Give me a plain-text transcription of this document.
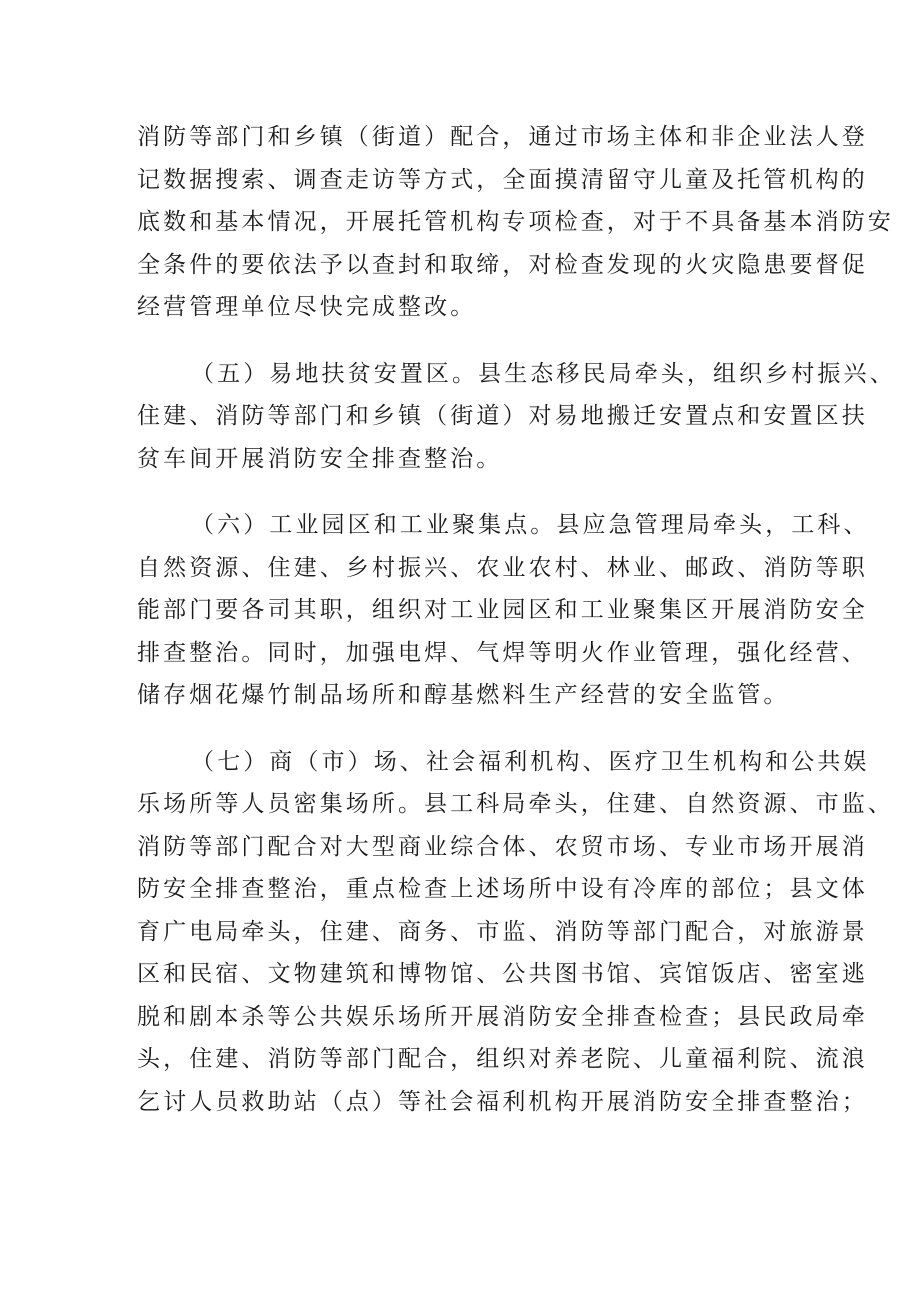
消防等部门和乡镇（街道）配合，通过市场主体和非企业法人登
记数据搜索、调查走访等方式，全面摸清留守儿童及托管机构的
底数和基本情况，开展托管机构专项检查，对于不具备基本消防安
全条件的要依法予以查封和取缔，对检查发现的火灾隐患要督促
经营管理单位尽快完成整改。
（五）易地扶贫安置区。县生态移民局牵头，组织乡村振兴、
住建、消防等部门和乡镇（街道）对易地搬迁安置点和安置区扶
贫车间开展消防安全排查整治。
（六）工业园区和工业聚集点。县应急管理局牵头，工科、
自然资源、住建、乡村振兴、农业农村、林业、邮政、消防等职
能部门要各司其职，组织对工业园区和工业聚集区开展消防安全
排查整治。同时，加强电焊、气焊等明火作业管理，强化经营、
储存烟花爆竹制品场所和醇基燃料生产经营的安全监管。
（七）商（市）场、社会福利机构、医疗卫生机构和公共娱
乐场所等人员密集场所。县工科局牵头，住建、自然资源、市监、
消防等部门配合对大型商业综合体、农贸市场、专业市场开展消
防安全排查整治，重点检查上述场所中设有冷库的部位；县文体
育广电局牵头，住建、商务、市监、消防等部门配合，对旅游景
区和民宿、文物建筑和博物馆、公共图书馆、宾馆饭店、密室逃
脱和剧本杀等公共娱乐场所开展消防安全排查检查；县民政局牵
头，住建、消防等部门配合，组织对养老院、儿童福利院、流浪
乞讨人员救助站（点）等社会福利机构开展消防安全排查整治；
